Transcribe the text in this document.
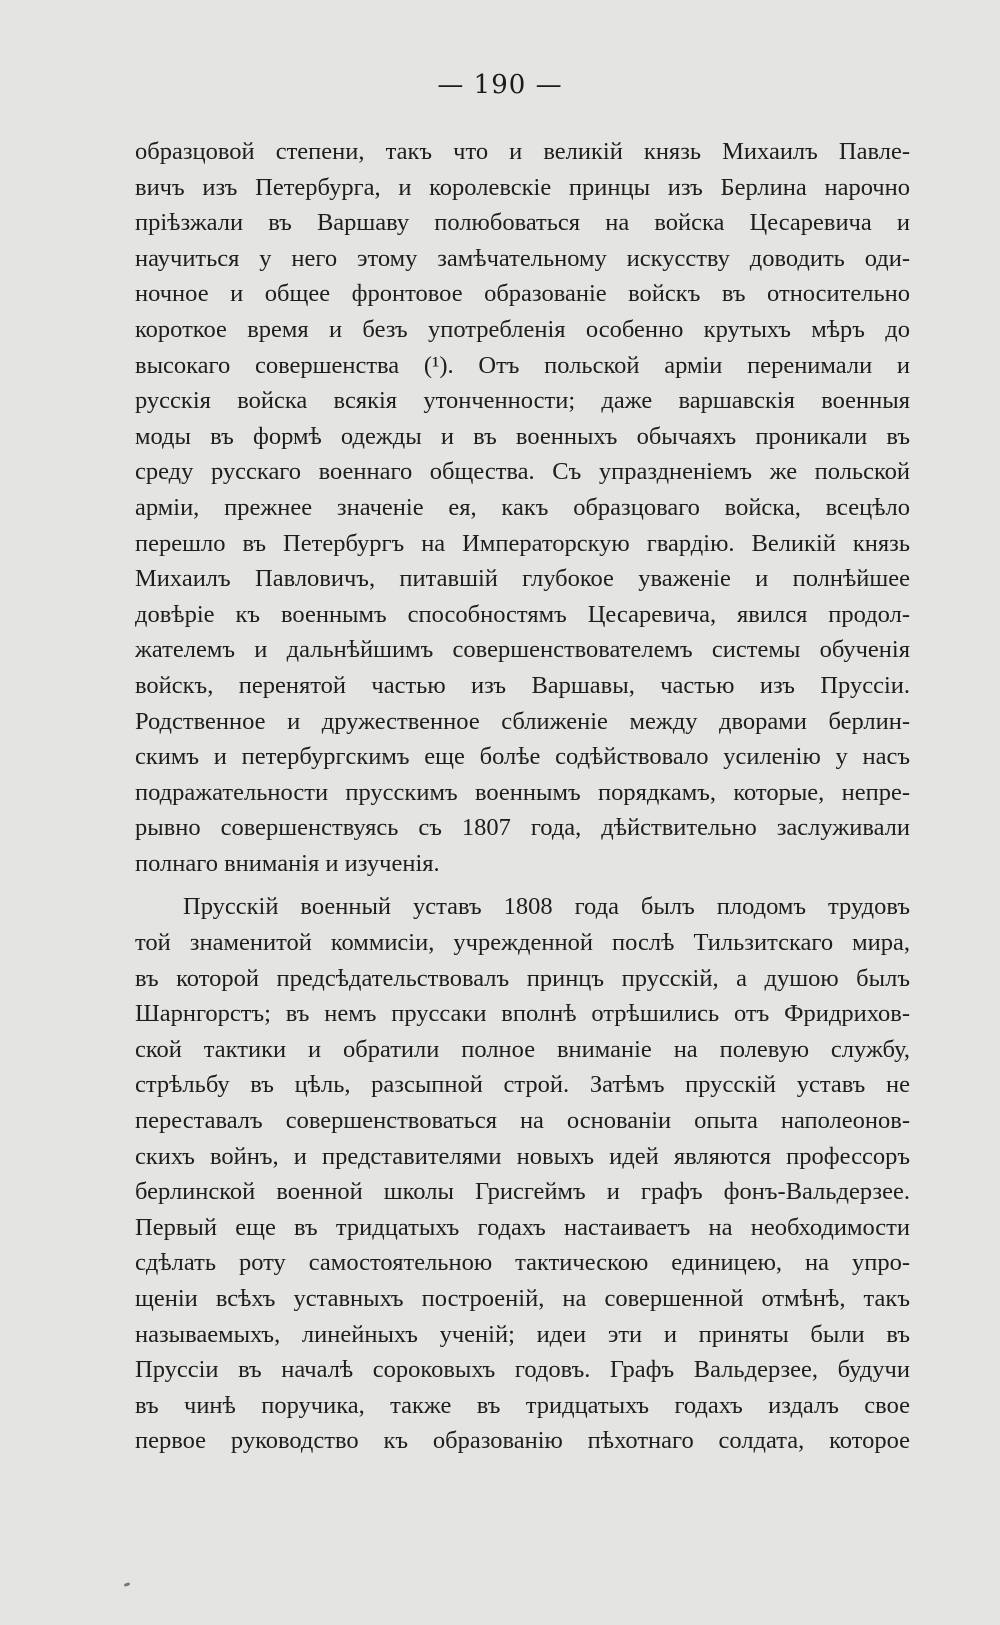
— 190 —
образцовой степени, такъ что и великій князь Михаилъ Павле-
вичъ изъ Петербурга, и королевскіе принцы изъ Берлина нарочно
пріѣзжали въ Варшаву полюбоваться на войска Цесаревича и
научиться у него этому замѣчательному искусству доводить оди-
ночное и общее фронтовое образованіе войскъ въ относительно
короткое время и безъ употребленія особенно крутыхъ мѣръ до
высокаго совершенства (¹). Отъ польской арміи перенимали и
русскія войска всякія утонченности; даже варшавскія военныя
моды въ формѣ одежды и въ военныхъ обычаяхъ проникали въ
среду русскаго военнаго общества. Съ упраздненіемъ же польской
арміи, прежнее значеніе ея, какъ образцоваго войска, всецѣло
перешло въ Петербургъ на Императорскую гвардію. Великій князь
Михаилъ Павловичъ, питавшій глубокое уваженіе и полнѣйшее
довѣріе къ военнымъ способностямъ Цесаревича, явился продол-
жателемъ и дальнѣйшимъ совершенствователемъ системы обученія
войскъ, перенятой частью изъ Варшавы, частью изъ Пруссіи.
Родственное и дружественное сближеніе между дворами берлин-
скимъ и петербургскимъ еще болѣе содѣйствовало усиленію у насъ
подражательности прусскимъ военнымъ порядкамъ, которые, непре-
рывно совершенствуясь съ 1807 года, дѣйствительно заслуживали
полнаго вниманія и изученія.
Прусскій военный уставъ 1808 года былъ плодомъ трудовъ
той знаменитой коммисіи, учрежденной послѣ Тильзитскаго мира,
въ которой предсѣдательствовалъ принцъ прусскій, а душою былъ
Шарнгорстъ; въ немъ пруссаки вполнѣ отрѣшились отъ Фридрихов-
ской тактики и обратили полное вниманіе на полевую службу,
стрѣльбу въ цѣль, разсыпной строй. Затѣмъ прусскій уставъ не
переставалъ совершенствоваться на основаніи опыта наполеонов-
скихъ войнъ, и представителями новыхъ идей являются профессоръ
берлинской военной школы Грисгеймъ и графъ фонъ-Вальдерзее.
Первый еще въ тридцатыхъ годахъ настаиваетъ на необходимости
сдѣлать роту самостоятельною тактическою единицею, на упро-
щеніи всѣхъ уставныхъ построеній, на совершенной отмѣнѣ, такъ
называемыхъ, линейныхъ ученій; идеи эти и приняты были въ
Пруссіи въ началѣ сороковыхъ годовъ. Графъ Вальдерзее, будучи
въ чинѣ поручика, также въ тридцатыхъ годахъ издалъ свое
первое руководство къ образованію пѣхотнаго солдата, которое
